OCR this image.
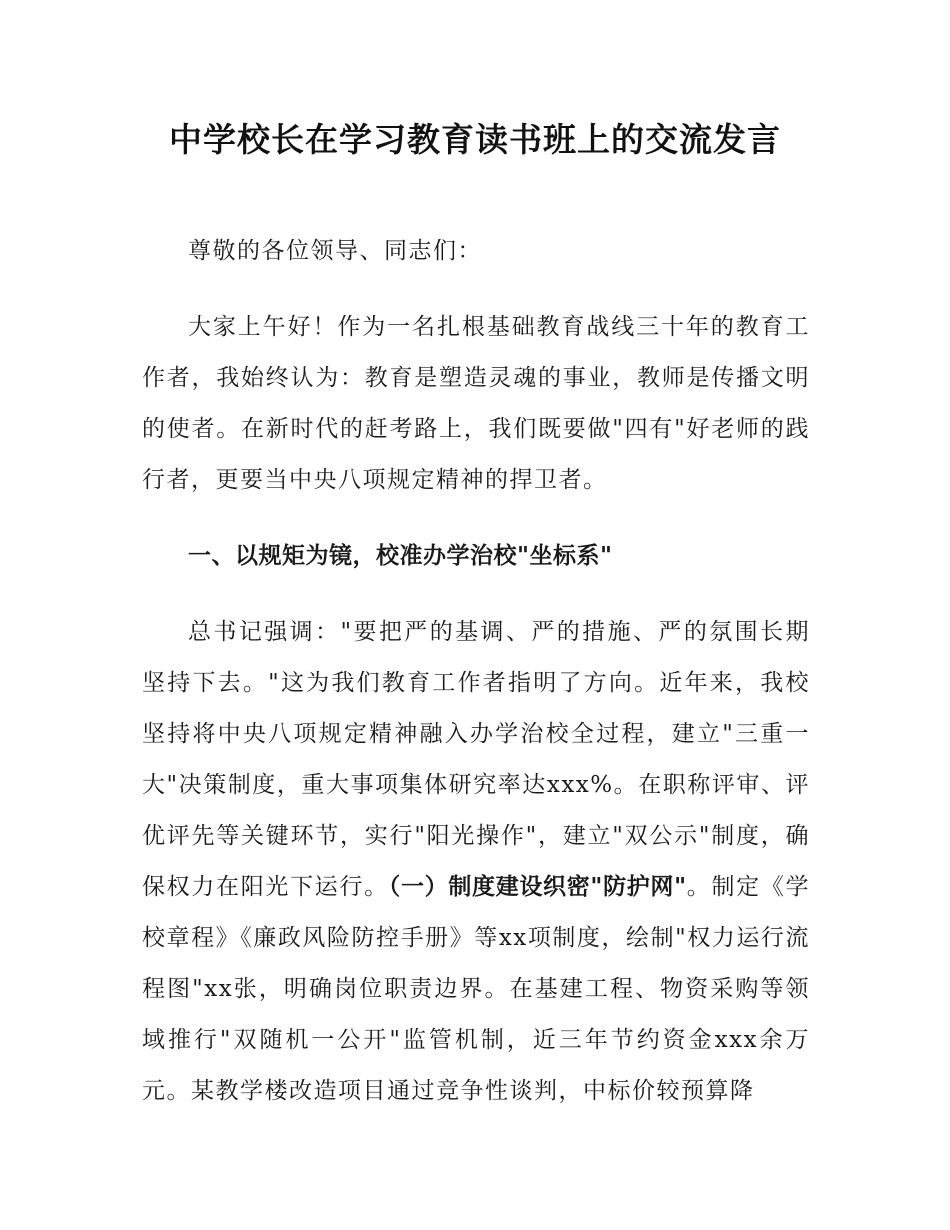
中学校长在学习教育读书班上的交流发言

尊敬的各位领导、同志们：

大家上午好！作为一名扎根基础教育战线三十年的教育工作者，我始终认为：教育是塑造灵魂的事业，教师是传播文明的使者。在新时代的赶考路上，我们既要做"四有"好老师的践行者，更要当中央八项规定精神的捍卫者。

一、以规矩为镜，校准办学治校"坐标系"

总书记强调："要把严的基调、严的措施、严的氛围长期坚持下去。"这为我们教育工作者指明了方向。近年来，我校坚持将中央八项规定精神融入办学治校全过程，建立"三重一大"决策制度，重大事项集体研究率达xxx%。在职称评审、评优评先等关键环节，实行"阳光操作"，建立"双公示"制度，确保权力在阳光下运行。（一）制度建设织密"防护网"。制定《学校章程》《廉政风险防控手册》等xx项制度，绘制"权力运行流程图"xx张，明确岗位职责边界。在基建工程、物资采购等领域推行"双随机一公开"监管机制，近三年节约资金xxx余万元。某教学楼改造项目通过竞争性谈判，中标价较预算降
